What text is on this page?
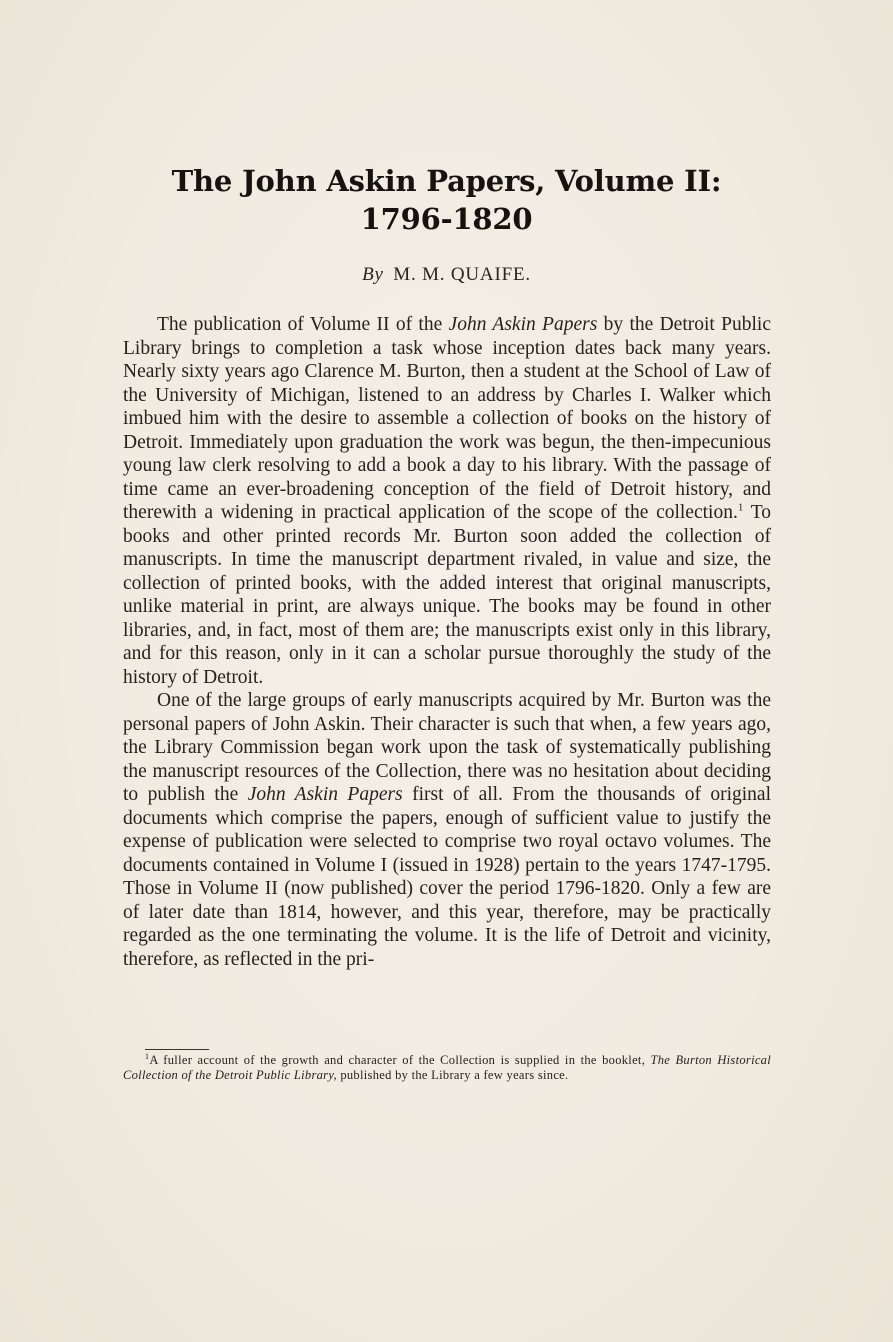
The John Askin Papers, Volume II:
1796-1820
By M. M. QUAIFE.

The publication of Volume II of the John Askin Papers by the Detroit Public Library brings to completion a task whose inception dates back many years. Nearly sixty years ago Clarence M. Burton, then a student at the School of Law of the University of Michigan, listened to an address by Charles I. Walker which imbued him with the desire to assemble a collection of books on the history of Detroit. Immediately upon graduation the work was begun, the then-impecunious young law clerk resolving to add a book a day to his library. With the passage of time came an ever-broadening conception of the field of Detroit history, and therewith a widening in practical application of the scope of the collection.$^1$ To books and other printed records Mr. Burton soon added the collection of manuscripts. In time the manuscript department rivaled, in value and size, the collection of printed books, with the added interest that original manuscripts, unlike material in print, are always unique. The books may be found in other libraries, and, in fact, most of them are; the manuscripts exist only in this library, and for this reason, only in it can a scholar pursue thoroughly the study of the history of Detroit.

One of the large groups of early manuscripts acquired by Mr. Burton was the personal papers of John Askin. Their character is such that when, a few years ago, the Library Commission began work upon the task of systematically publishing the manuscript resources of the Collection, there was no hesitation about deciding to publish the John Askin Papers first of all. From the thousands of original documents which comprise the papers, enough of sufficient value to justify the expense of publication were selected to comprise two royal octavo volumes. The documents contained in Volume I (issued in 1928) pertain to the years 1747-1795. Those in Volume II (now published) cover the period 1796-1820. Only a few are of later date than 1814, however, and this year, therefore, may be practically regarded as the one terminating the volume. It is the life of Detroit and vicinity, therefore, as reflected in the pri-

$^1$A fuller account of the growth and character of the Collection is supplied in the booklet, The Burton Historical Collection of the Detroit Public Library, published by the Library a few years since.
